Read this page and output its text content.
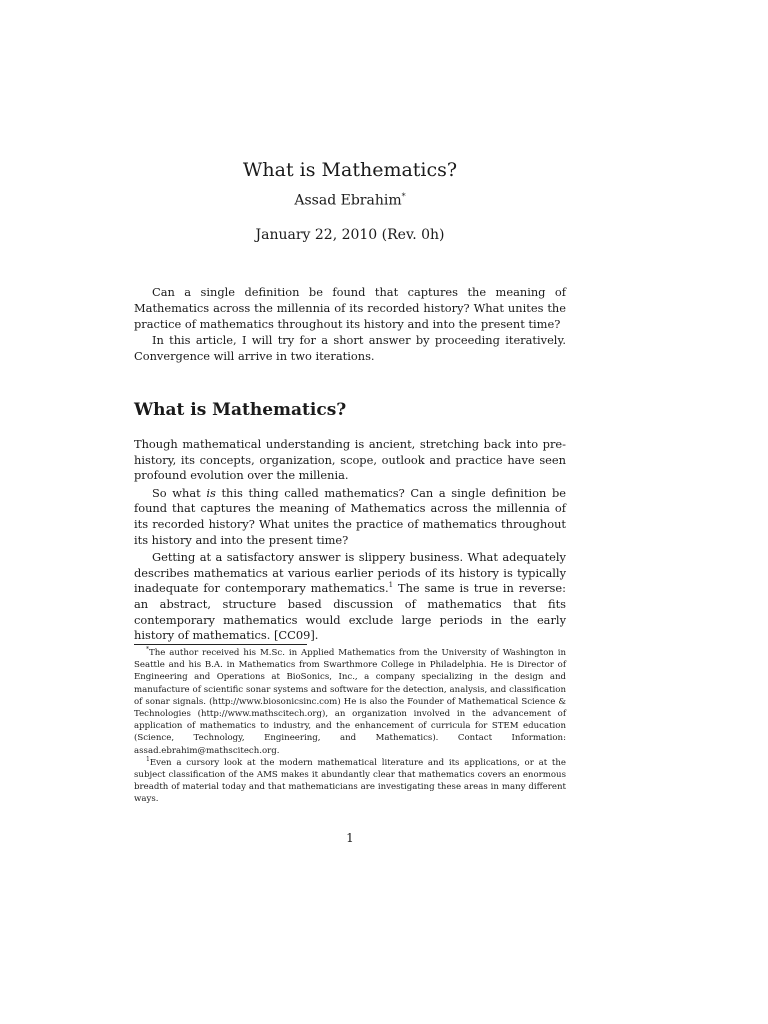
What is Mathematics?
Assad Ebrahim*
January 22, 2010 (Rev. 0h)

Can a single definition be found that captures the meaning of Mathematics across the millennia of its recorded history? What unites the practice of mathematics throughout its history and into the present time?

In this article, I will try for a short answer by proceeding iteratively. Convergence will arrive in two iterations.

What is Mathematics?

Though mathematical understanding is ancient, stretching back into pre-history, its concepts, organization, scope, outlook and practice have seen profound evolution over the millenia.

So what is this thing called mathematics? Can a single definition be found that captures the meaning of Mathematics across the millennia of its recorded history? What unites the practice of mathematics throughout its history and into the present time?

Getting at a satisfactory answer is slippery business. What adequately describes mathematics at various earlier periods of its history is typically inadequate for contemporary mathematics.$^1$ The same is true in reverse: an abstract, structure based discussion of mathematics that fits contemporary mathematics would exclude large periods in the early history of mathematics. [CC09].

*The author received his M.Sc. in Applied Mathematics from the University of Washington in Seattle and his B.A. in Mathematics from Swarthmore College in Philadelphia. He is Director of Engineering and Operations at BioSonics, Inc., a company specializing in the design and manufacture of scientific sonar systems and software for the detection, analysis, and classification of sonar signals. (http://www.biosonicsinc.com) He is also the Founder of Mathematical Science & Technologies (http://www.mathscitech.org), an organization involved in the advancement of application of mathematics to industry, and the enhancement of curricula for STEM education (Science, Technology, Engineering, and Mathematics). Contact Information: assad.ebrahim@mathscitech.org.

$^1$Even a cursory look at the modern mathematical literature and its applications, or at the subject classification of the AMS makes it abundantly clear that mathematics covers an enormous breadth of material today and that mathematicians are investigating these areas in many different ways.

1
